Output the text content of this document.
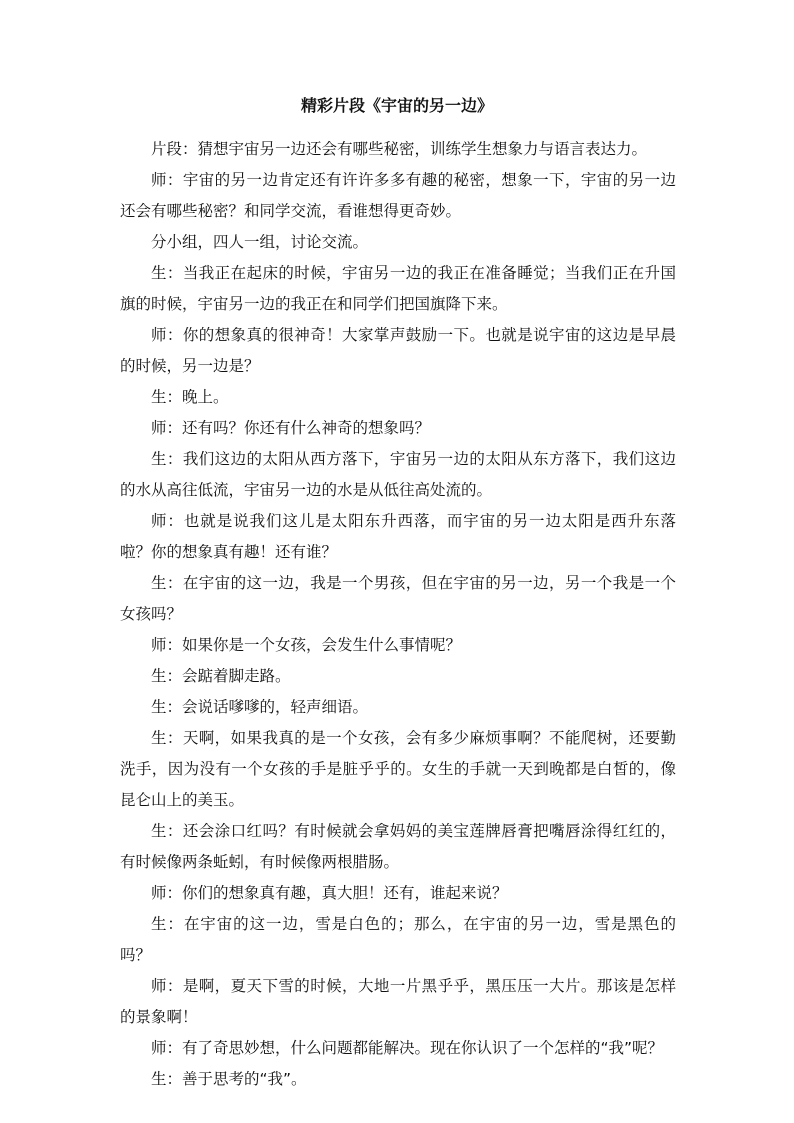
精彩片段《宇宙的另一边》

片段：猜想宇宙另一边还会有哪些秘密，训练学生想象力与语言表达力。

师：宇宙的另一边肯定还有许许多多有趣的秘密，想象一下，宇宙的另一边还会有哪些秘密？和同学交流，看谁想得更奇妙。

分小组，四人一组，讨论交流。

生：当我正在起床的时候，宇宙另一边的我正在准备睡觉；当我们正在升国旗的时候，宇宙另一边的我正在和同学们把国旗降下来。

师：你的想象真的很神奇！大家掌声鼓励一下。也就是说宇宙的这边是早晨的时候，另一边是？

生：晚上。

师：还有吗？你还有什么神奇的想象吗？

生：我们这边的太阳从西方落下，宇宙另一边的太阳从东方落下，我们这边的水从高往低流，宇宙另一边的水是从低往高处流的。

师：也就是说我们这儿是太阳东升西落，而宇宙的另一边太阳是西升东落啦？你的想象真有趣！还有谁？

生：在宇宙的这一边，我是一个男孩，但在宇宙的另一边，另一个我是一个女孩吗？

师：如果你是一个女孩，会发生什么事情呢？

生：会踮着脚走路。

生：会说话嗲嗲的，轻声细语。

生：天啊，如果我真的是一个女孩，会有多少麻烦事啊？不能爬树，还要勤洗手，因为没有一个女孩的手是脏乎乎的。女生的手就一天到晚都是白皙的，像昆仑山上的美玉。

生：还会涂口红吗？有时候就会拿妈妈的美宝莲牌唇膏把嘴唇涂得红红的，有时候像两条蚯蚓，有时候像两根腊肠。

师：你们的想象真有趣，真大胆！还有，谁起来说？

生：在宇宙的这一边，雪是白色的；那么，在宇宙的另一边，雪是黑色的吗？

师：是啊，夏天下雪的时候，大地一片黑乎乎，黑压压一大片。那该是怎样的景象啊！

师：有了奇思妙想，什么问题都能解决。现在你认识了一个怎样的“我”呢？

生：善于思考的“我”。
